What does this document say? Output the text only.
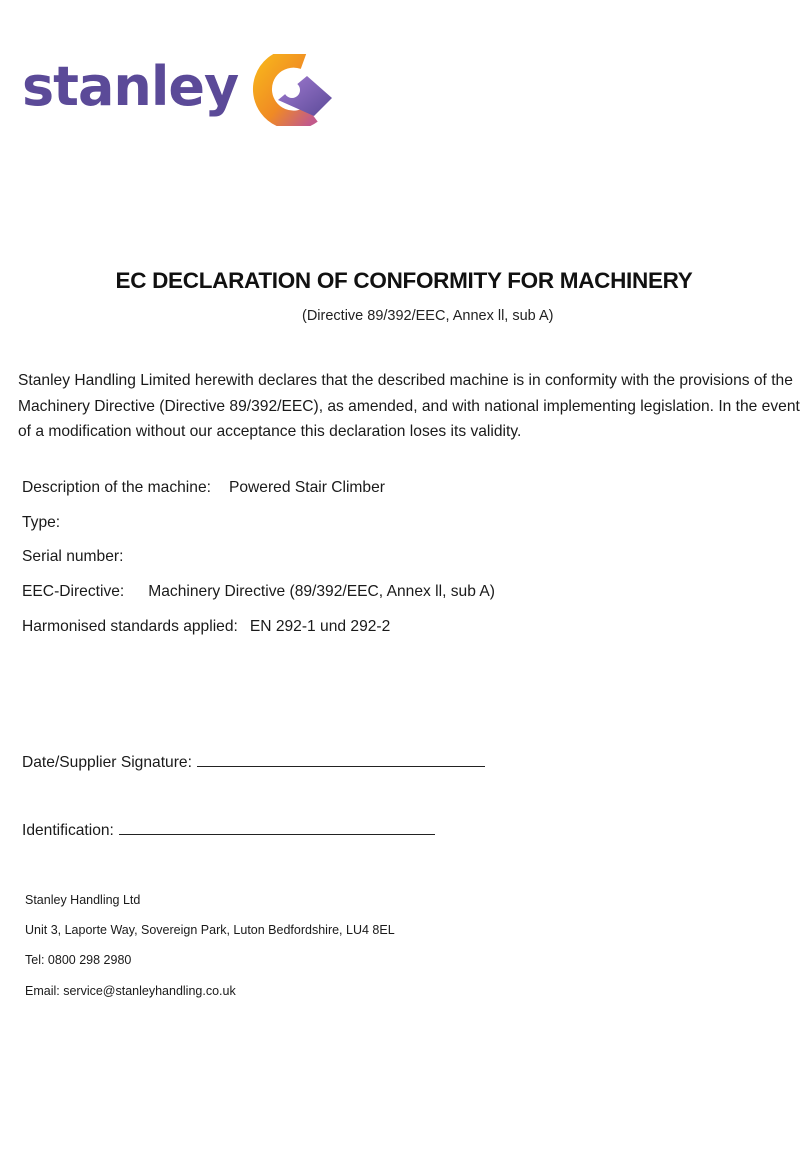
stanley
EC DECLARATION OF CONFORMITY FOR MACHINERY
(Directive 89/392/EEC, Annex ll, sub A)

Stanley Handling Limited herewith declares that the described machine is in conformity with the provisions of the Machinery Directive (Directive 89/392/EEC), as amended, and with national implementing legislation. In the event of a modification without our acceptance this declaration loses its validity.

Description of the machine: Powered Stair Climber
Type:
Serial number:
EEC-Directive: Machinery Directive (89/392/EEC, Annex ll, sub A)
Harmonised standards applied: EN 292-1 und 292-2
Date/Supplier Signature:
Identification:
Stanley Handling Ltd
Unit 3, Laporte Way, Sovereign Park, Luton Bedfordshire, LU4 8EL
Tel: 0800 298 2980
Email: service@stanleyhandling.co.uk
